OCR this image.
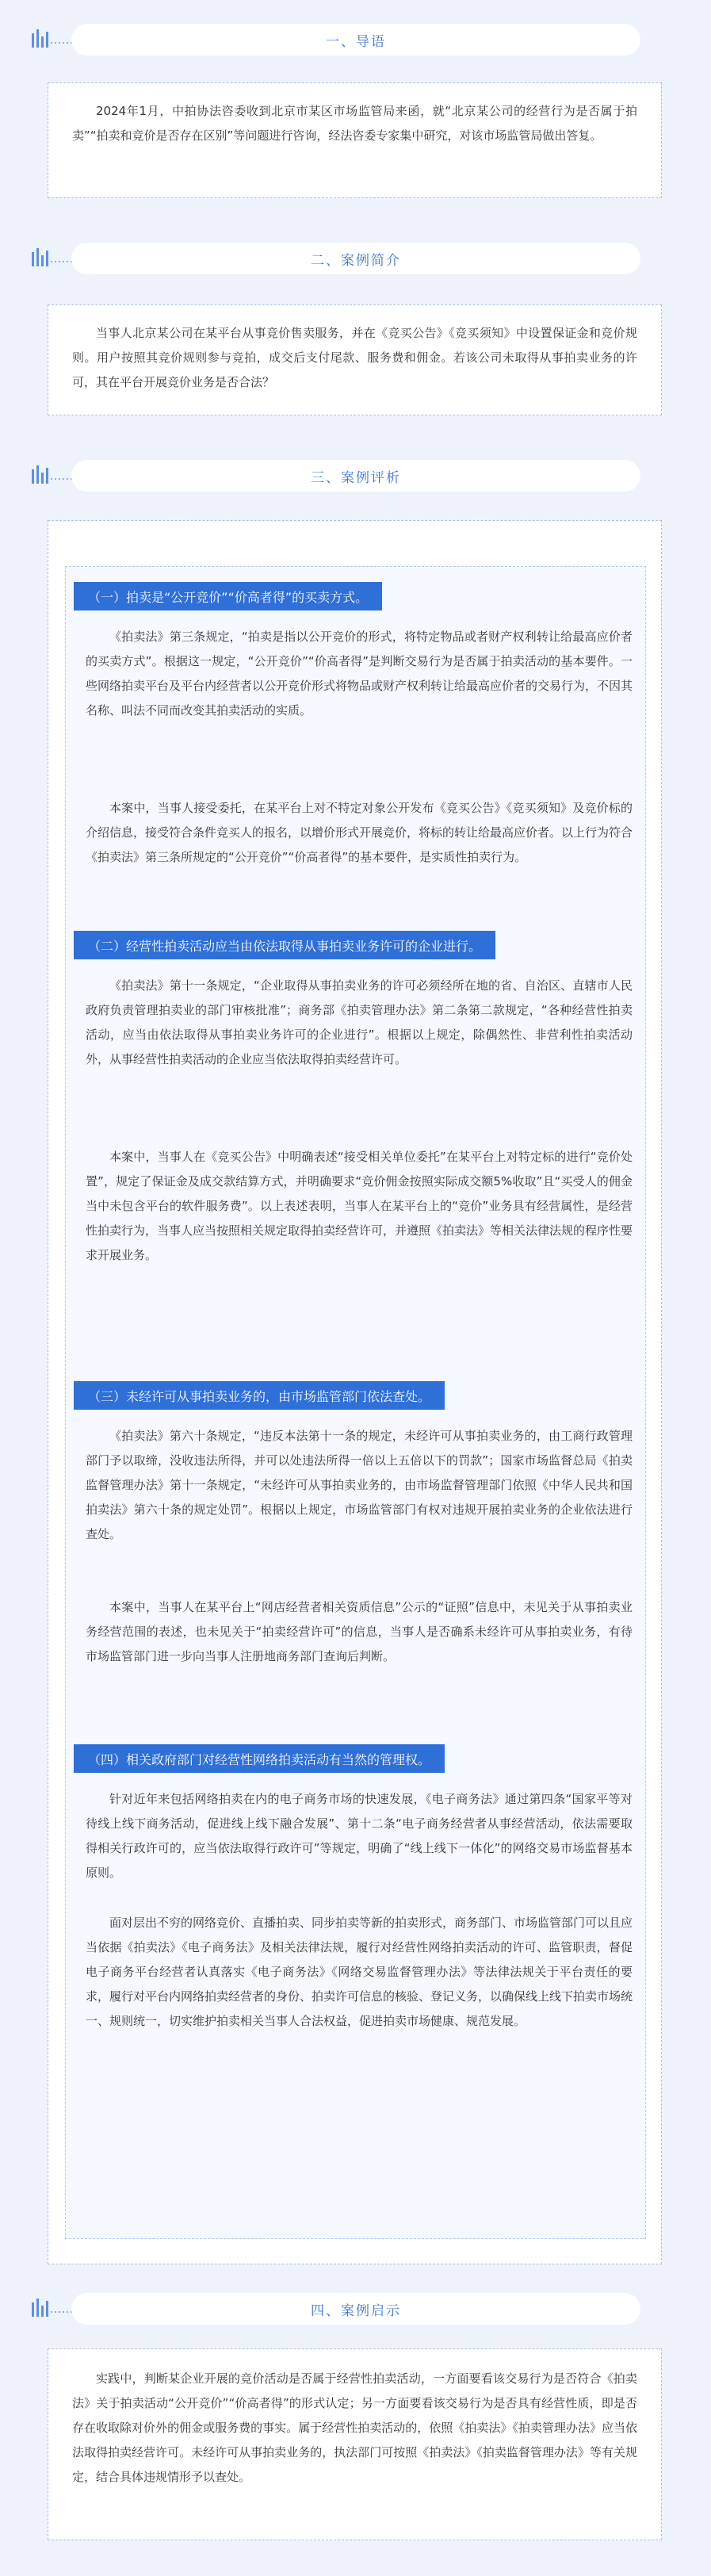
一、导语

2024年1月，中拍协法咨委收到北京市某区市场监管局来函，就“北京某公司的经营行为是否属于拍卖”“拍卖和竞价是否存在区别”等问题进行咨询，经法咨委专家集中研究，对该市场监管局做出答复。

二、案例简介

当事人北京某公司在某平台从事竞价售卖服务，并在《竞买公告》《竞买须知》中设置保证金和竞价规则。用户按照其竞价规则参与竞拍，成交后支付尾款、服务费和佣金。若该公司未取得从事拍卖业务的许可，其在平台开展竞价业务是否合法？

三、案例评析
（一）拍卖是“公开竞价”“价高者得”的买卖方式。
《拍卖法》第三条规定，“拍卖是指以公开竞价的形式，将特定物品或者财产权利转让给最高应价者的买卖方式”。根据这一规定，“公开竞价”“价高者得”是判断交易行为是否属于拍卖活动的基本要件。一些网络拍卖平台及平台内经营者以公开竞价形式将物品或财产权利转让给最高应价者的交易行为，不因其名称、叫法不同而改变其拍卖活动的实质。
本案中，当事人接受委托，在某平台上对不特定对象公开发布《竞买公告》《竞买须知》及竞价标的介绍信息，接受符合条件竞买人的报名，以增价形式开展竞价，将标的转让给最高应价者。以上行为符合《拍卖法》第三条所规定的“公开竞价”“价高者得”的基本要件，是实质性拍卖行为。
（二）经营性拍卖活动应当由依法取得从事拍卖业务许可的企业进行。
《拍卖法》第十一条规定，“企业取得从事拍卖业务的许可必须经所在地的省、自治区、直辖市人民政府负责管理拍卖业的部门审核批准”；商务部《拍卖管理办法》第二条第二款规定，“各种经营性拍卖活动，应当由依法取得从事拍卖业务许可的企业进行”。根据以上规定，除偶然性、非营利性拍卖活动外，从事经营性拍卖活动的企业应当依法取得拍卖经营许可。
本案中，当事人在《竞买公告》中明确表述“接受相关单位委托”在某平台上对特定标的进行“竞价处置”，规定了保证金及成交款结算方式，并明确要求“竞价佣金按照实际成交额5%收取”且“买受人的佣金当中未包含平台的软件服务费”。以上表述表明，当事人在某平台上的“竞价”业务具有经营属性，是经营性拍卖行为，当事人应当按照相关规定取得拍卖经营许可，并遵照《拍卖法》等相关法律法规的程序性要求开展业务。
（三）未经许可从事拍卖业务的，由市场监管部门依法查处。
《拍卖法》第六十条规定，“违反本法第十一条的规定，未经许可从事拍卖业务的，由工商行政管理部门予以取缔，没收违法所得，并可以处违法所得一倍以上五倍以下的罚款”；国家市场监督总局《拍卖监督管理办法》第十一条规定，“未经许可从事拍卖业务的，由市场监督管理部门依照《中华人民共和国拍卖法》第六十条的规定处罚”。根据以上规定，市场监管部门有权对违规开展拍卖业务的企业依法进行查处。
本案中，当事人在某平台上“网店经营者相关资质信息”公示的“证照”信息中，未见关于从事拍卖业务经营范围的表述，也未见关于“拍卖经营许可”的信息，当事人是否确系未经许可从事拍卖业务，有待市场监管部门进一步向当事人注册地商务部门查询后判断。
（四）相关政府部门对经营性网络拍卖活动有当然的管理权。
针对近年来包括网络拍卖在内的电子商务市场的快速发展，《电子商务法》通过第四条“国家平等对待线上线下商务活动，促进线上线下融合发展”、第十二条“电子商务经营者从事经营活动，依法需要取得相关行政许可的，应当依法取得行政许可”等规定，明确了“线上线下一体化”的网络交易市场监督基本原则。
面对层出不穷的网络竞价、直播拍卖、同步拍卖等新的拍卖形式，商务部门、市场监管部门可以且应当依据《拍卖法》《电子商务法》及相关法律法规，履行对经营性网络拍卖活动的许可、监管职责，督促电子商务平台经营者认真落实《电子商务法》《网络交易监督管理办法》等法律法规关于平台责任的要求，履行对平台内网络拍卖经营者的身份、拍卖许可信息的核验、登记义务，以确保线上线下拍卖市场统一、规则统一，切实维护拍卖相关当事人合法权益，促进拍卖市场健康、规范发展。
四、案例启示

实践中，判断某企业开展的竞价活动是否属于经营性拍卖活动，一方面要看该交易行为是否符合《拍卖法》关于拍卖活动“公开竞价”“价高者得”的形式认定；另一方面要看该交易行为是否具有经营性质，即是否存在收取除对价外的佣金或服务费的事实。属于经营性拍卖活动的，依照《拍卖法》《拍卖管理办法》应当依法取得拍卖经营许可。未经许可从事拍卖业务的，执法部门可按照《拍卖法》《拍卖监督管理办法》等有关规定，结合具体违规情形予以查处。
